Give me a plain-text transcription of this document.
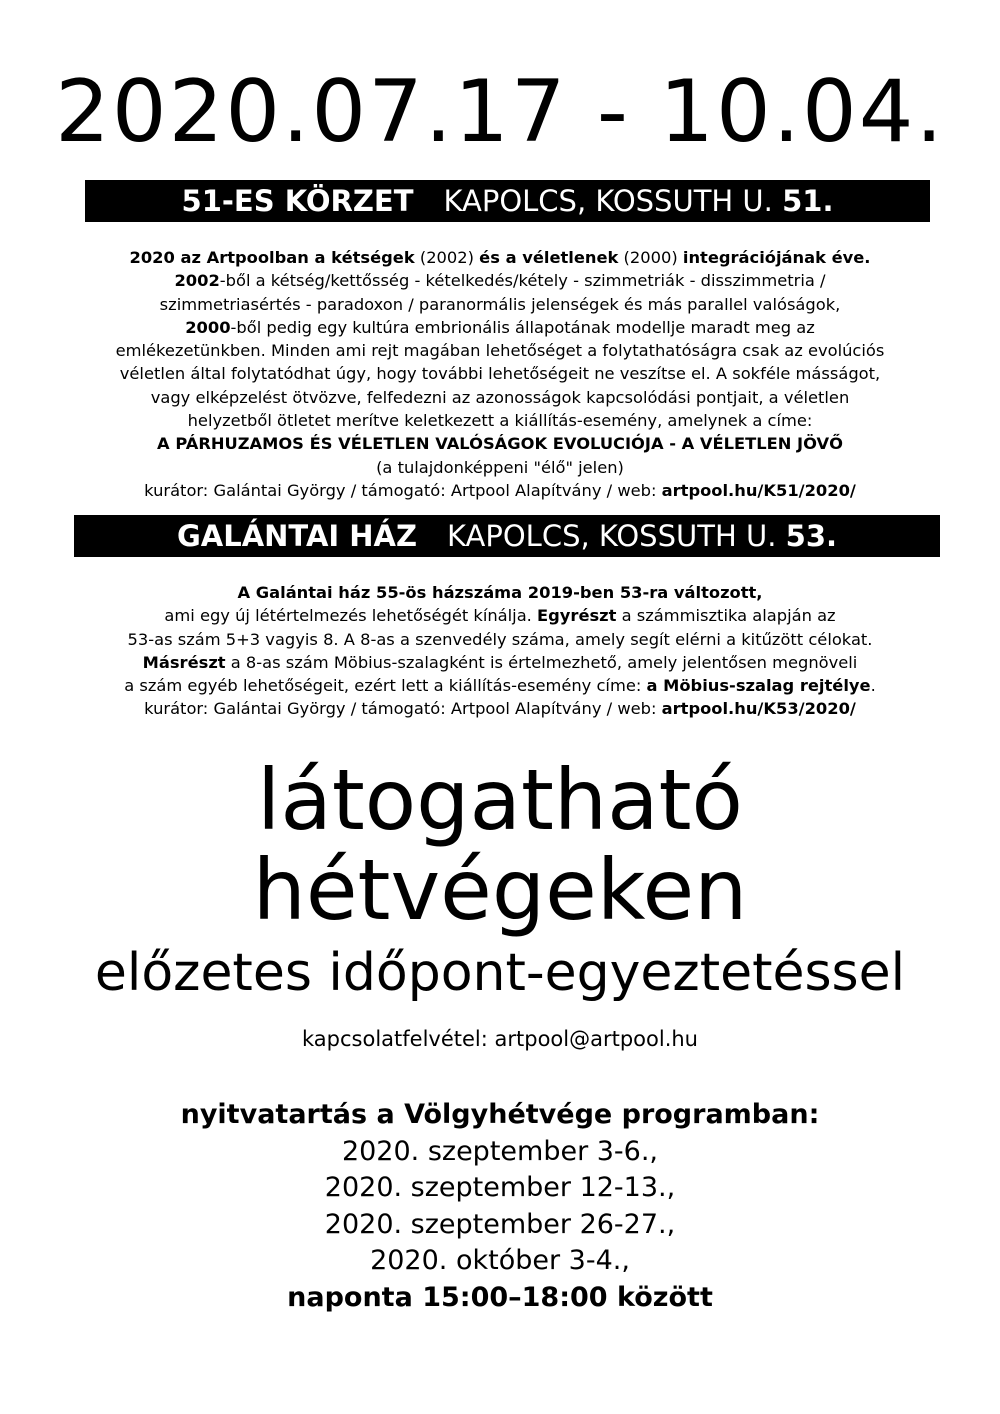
2020.07.17 - 10.04.
51-ES KÖRZET KAPOLCS, KOSSUTH U. 51.
2020 az Artpoolban a kétségek (2002) és a véletlenek (2000) integrációjának éve.
2002-ből a kétség/kettősség - kételkedés/kétely - szimmetriák - disszimmetria /
szimmetriasértés - paradoxon / paranormális jelenségek és más parallel valóságok,
2000-ből pedig egy kultúra embrionális állapotának modellje maradt meg az
emlékezetünkben. Minden ami rejt magában lehetőséget a folytathatóságra csak az evolúciós
véletlen által folytatódhat úgy, hogy további lehetőségeit ne veszítse el. A sokféle másságot,
vagy elképzelést ötvözve, felfedezni az azonosságok kapcsolódási pontjait, a véletlen
helyzetből ötletet merítve keletkezett a kiállítás-esemény, amelynek a címe:
A PÁRHUZAMOS ÉS VÉLETLEN VALÓSÁGOK EVOLUCIÓJA - A VÉLETLEN JÖVŐ
(a tulajdonképpeni "élő" jelen)
kurátor: Galántai György / támogató: Artpool Alapítvány / web: artpool.hu/K51/2020/
GALÁNTAI HÁZ KAPOLCS, KOSSUTH U. 53.
A Galántai ház 55-ös házszáma 2019-ben 53-ra változott,
ami egy új létértelmezés lehetőségét kínálja. Egyrészt a számmisztika alapján az
53-as szám 5+3 vagyis 8. A 8-as a szenvedély száma, amely segít elérni a kitűzött célokat.
Másrészt a 8-as szám Möbius-szalagként is értelmezhető, amely jelentősen megnöveli
a szám egyéb lehetőségeit, ezért lett a kiállítás-esemény címe: a Möbius-szalag rejtélye.
kurátor: Galántai György / támogató: Artpool Alapítvány / web: artpool.hu/K53/2020/
látogatható
hétvégeken
előzetes időpont-egyeztetéssel
kapcsolatfelvétel: artpool@artpool.hu
nyitvatartás a Völgyhétvége programban:
2020. szeptember 3-6.,
2020. szeptember 12-13.,
2020. szeptember 26-27.,
2020. október 3-4.,
naponta 15:00–18:00 között
